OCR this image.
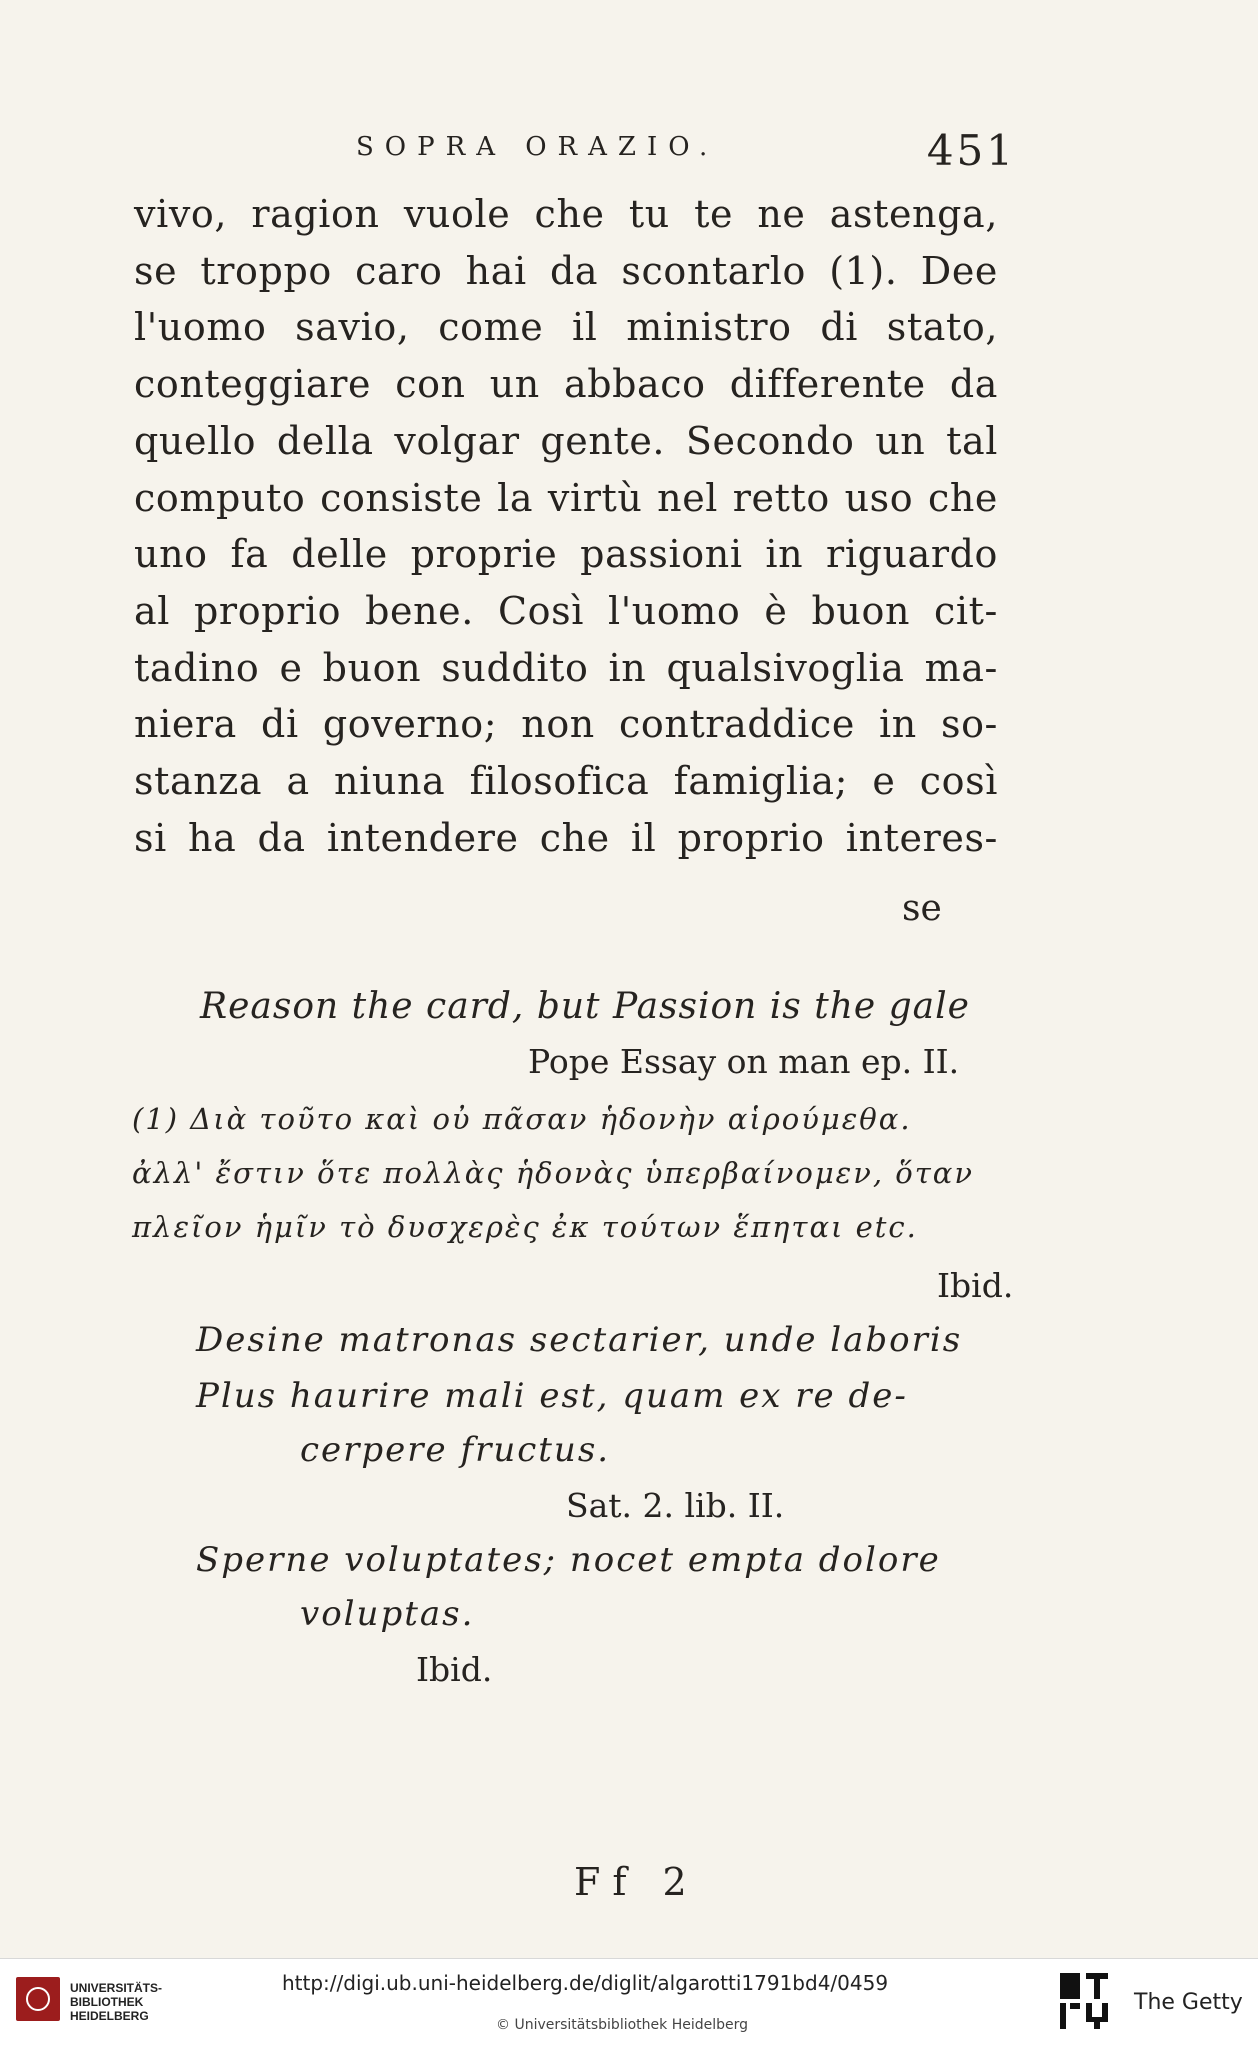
SOPRA ORAZIO.	451
vivo, ragion vuole che tu te ne astenga,
se troppo caro hai da scontarlo (1). Dee
l'uomo savio, come il ministro di stato,
conteggiare con un abbaco differente da
quello della volgar gente. Secondo un tal
computo consiste la virtù nel retto uso che
uno fa delle proprie passioni in riguardo
al proprio bene. Così l'uomo è buon cit-
tadino e buon suddito in qualsivoglia ma-
niera di governo; non contraddice in so-
stanza a niuna filosofica famiglia; e così
si ha da intendere che il proprio interes-
se
Reason the card, but Passion is the gale
Pope Essay on man ep. II.
(1) Διὰ τοῦτο καὶ οὐ πᾶσαν ἡδονὴν αἱρούμεθα.
ἀλλ' ἔστιν ὅτε πολλὰς ἡδονὰς ὑπερβαίνομεν, ὅταν
πλεῖον ἡμῖν τὸ δυσχερὲς ἐκ τούτων ἕπηται etc.
Ibid.
Desine matronas sectarier, unde laboris
Plus haurire mali est, quam ex re de-
cerpere fructus.
Sat. 2. lib. II.
Sperne voluptates; nocet empta dolore
voluptas.
Ibid.
Ff 2
UNIVERSITÄTS-
BIBLIOTHEK
HEIDELBERG
http://digi.ub.uni-heidelberg.de/diglit/algarotti1791bd4/0459
© Universitätsbibliothek Heidelberg
The Getty
